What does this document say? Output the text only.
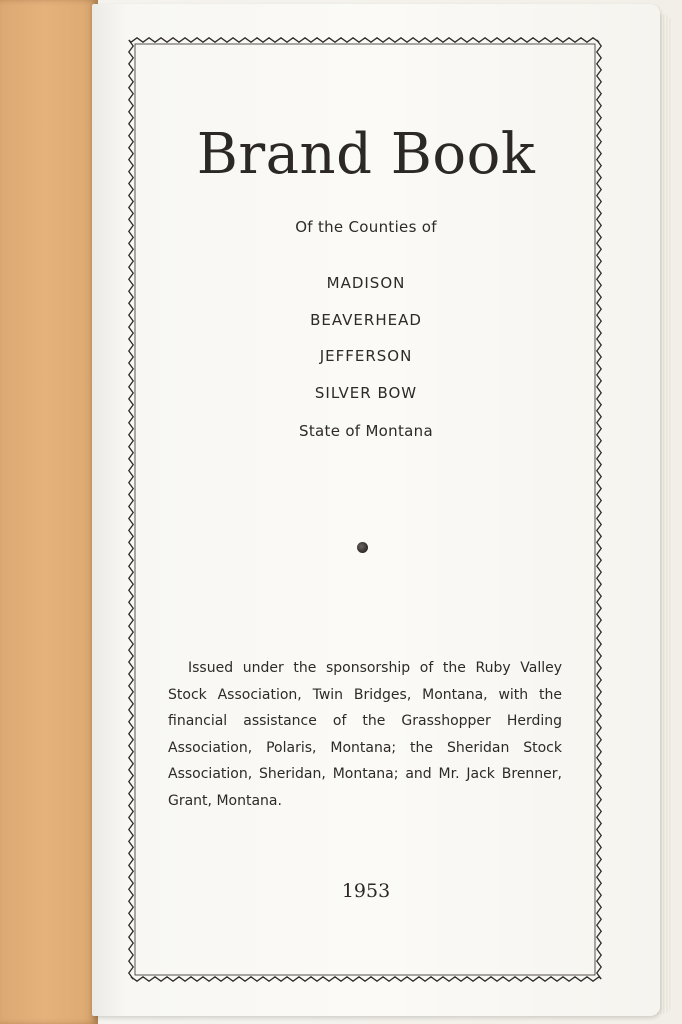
Brand Book
Of the Counties of
MADISON
BEAVERHEAD
JEFFERSON
SILVER BOW
State of Montana

Issued under the sponsorship of the Ruby Valley Stock Association, Twin Bridges, Montana, with the financial assistance of the Grasshopper Herding Association, Polaris, Montana; the Sheridan Stock Association, Sheridan, Montana; and Mr. Jack Brenner, Grant, Montana.

1953
